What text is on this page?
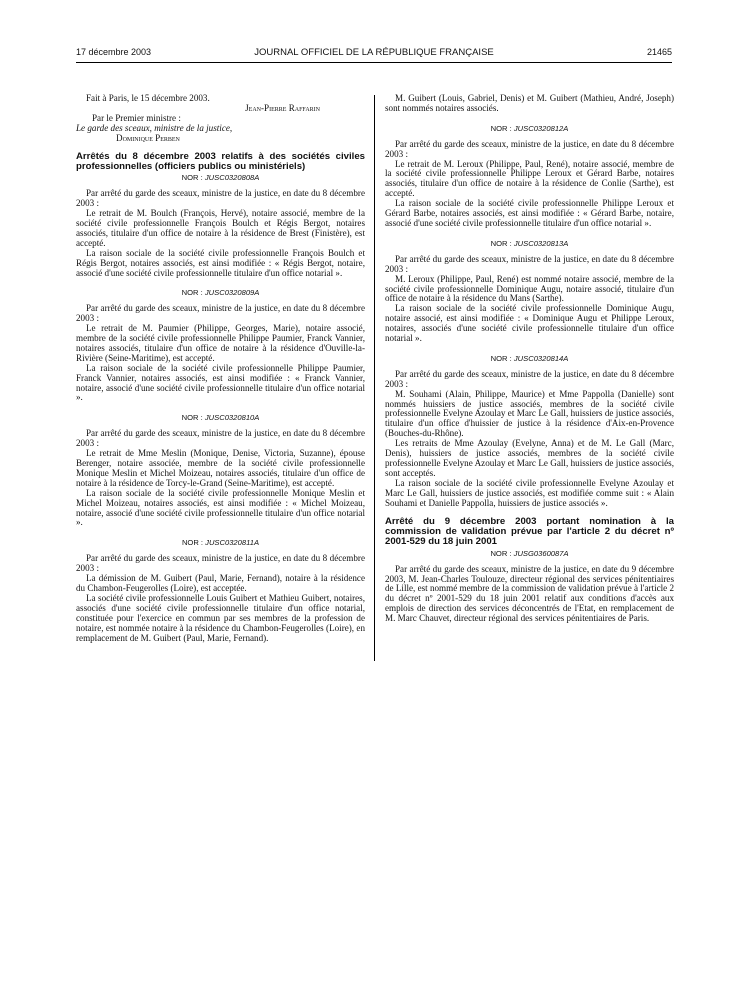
17 décembre 2003	JOURNAL OFFICIEL DE LA RÉPUBLIQUE FRANÇAISE	21465
Fait à Paris, le 15 décembre 2003.
Jean-Pierre Raffarin
Par le Premier ministre :
Le garde des sceaux, ministre de la justice,
Dominique Perben
Arrêtés du 8 décembre 2003 relatifs à des sociétés civiles professionnelles (officiers publics ou ministériels)
NOR : JUSC0320808A

Par arrêté du garde des sceaux, ministre de la justice, en date du 8 décembre 2003 :

Le retrait de M. Boulch (François, Hervé), notaire associé, membre de la société civile professionnelle François Boulch et Régis Bergot, notaires associés, titulaire d'un office de notaire à la résidence de Brest (Finistère), est accepté.

La raison sociale de la société civile professionnelle François Boulch et Régis Bergot, notaires associés, est ainsi modifiée : « Régis Bergot, notaire, associé d'une société civile professionnelle titulaire d'un office notarial ».

NOR : JUSC0320809A

Par arrêté du garde des sceaux, ministre de la justice, en date du 8 décembre 2003 :

Le retrait de M. Paumier (Philippe, Georges, Marie), notaire associé, membre de la société civile professionnelle Philippe Paumier, Franck Vannier, notaires associés, titulaire d'un office de notaire à la résidence d'Ouville-la-Rivière (Seine-Maritime), est accepté.

La raison sociale de la société civile professionnelle Philippe Paumier, Franck Vannier, notaires associés, est ainsi modifiée : « Franck Vannier, notaire, associé d'une société civile professionnelle titulaire d'un office notarial ».

NOR : JUSC0320810A

Par arrêté du garde des sceaux, ministre de la justice, en date du 8 décembre 2003 :

Le retrait de Mme Meslin (Monique, Denise, Victoria, Suzanne), épouse Berenger, notaire associée, membre de la société civile professionnelle Monique Meslin et Michel Moizeau, notaires associés, titulaire d'un office de notaire à la résidence de Torcy-le-Grand (Seine-Maritime), est accepté.

La raison sociale de la société civile professionnelle Monique Meslin et Michel Moizeau, notaires associés, est ainsi modifiée : « Michel Moizeau, notaire, associé d'une société civile professionnelle titulaire d'un office notarial ».

NOR : JUSC0320811A

Par arrêté du garde des sceaux, ministre de la justice, en date du 8 décembre 2003 :

La démission de M. Guibert (Paul, Marie, Fernand), notaire à la résidence du Chambon-Feugerolles (Loire), est acceptée.

La société civile professionnelle Louis Guibert et Mathieu Guibert, notaires, associés d'une société civile professionnelle titulaire d'un office notarial, constituée pour l'exercice en commun par ses membres de la profession de notaire, est nommée notaire à la résidence du Chambon-Feugerolles (Loire), en remplacement de M. Guibert (Paul, Marie, Fernand).

M. Guibert (Louis, Gabriel, Denis) et M. Guibert (Mathieu, André, Joseph) sont nommés notaires associés.

NOR : JUSC0320812A

Par arrêté du garde des sceaux, ministre de la justice, en date du 8 décembre 2003 :

Le retrait de M. Leroux (Philippe, Paul, René), notaire associé, membre de la société civile professionnelle Philippe Leroux et Gérard Barbe, notaires associés, titulaire d'un office de notaire à la résidence de Conlie (Sarthe), est accepté.

La raison sociale de la société civile professionnelle Philippe Leroux et Gérard Barbe, notaires associés, est ainsi modifiée : « Gérard Barbe, notaire, associé d'une société civile professionnelle titulaire d'un office notarial ».

NOR : JUSC0320813A

Par arrêté du garde des sceaux, ministre de la justice, en date du 8 décembre 2003 :

M. Leroux (Philippe, Paul, René) est nommé notaire associé, membre de la société civile professionnelle Dominique Augu, notaire associé, titulaire d'un office de notaire à la résidence du Mans (Sarthe).

La raison sociale de la société civile professionnelle Dominique Augu, notaire associé, est ainsi modifiée : « Dominique Augu et Philippe Leroux, notaires, associés d'une société civile professionnelle titulaire d'un office notarial ».

NOR : JUSC0320814A

Par arrêté du garde des sceaux, ministre de la justice, en date du 8 décembre 2003 :

M. Souhami (Alain, Philippe, Maurice) et Mme Pappolla (Danielle) sont nommés huissiers de justice associés, membres de la société civile professionnelle Evelyne Azoulay et Marc Le Gall, huissiers de justice associés, titulaire d'un office d'huissier de justice à la résidence d'Aix-en-Provence (Bouches-du-Rhône).

Les retraits de Mme Azoulay (Evelyne, Anna) et de M. Le Gall (Marc, Denis), huissiers de justice associés, membres de la société civile professionnelle Evelyne Azoulay et Marc Le Gall, huissiers de justice associés, sont acceptés.

La raison sociale de la société civile professionnelle Evelyne Azoulay et Marc Le Gall, huissiers de justice associés, est modifiée comme suit : « Alain Souhami et Danielle Pappolla, huissiers de justice associés ».

Arrêté du 9 décembre 2003 portant nomination à la commission de validation prévue par l'article 2 du décret nº 2001-529 du 18 juin 2001
NOR : JUSG0360087A

Par arrêté du garde des sceaux, ministre de la justice, en date du 9 décembre 2003, M. Jean-Charles Toulouze, directeur régional des services pénitentiaires de Lille, est nommé membre de la commission de validation prévue à l'article 2 du décret nº 2001-529 du 18 juin 2001 relatif aux conditions d'accès aux emplois de direction des services déconcentrés de l'Etat, en remplacement de M. Marc Chauvet, directeur régional des services pénitentiaires de Paris.
